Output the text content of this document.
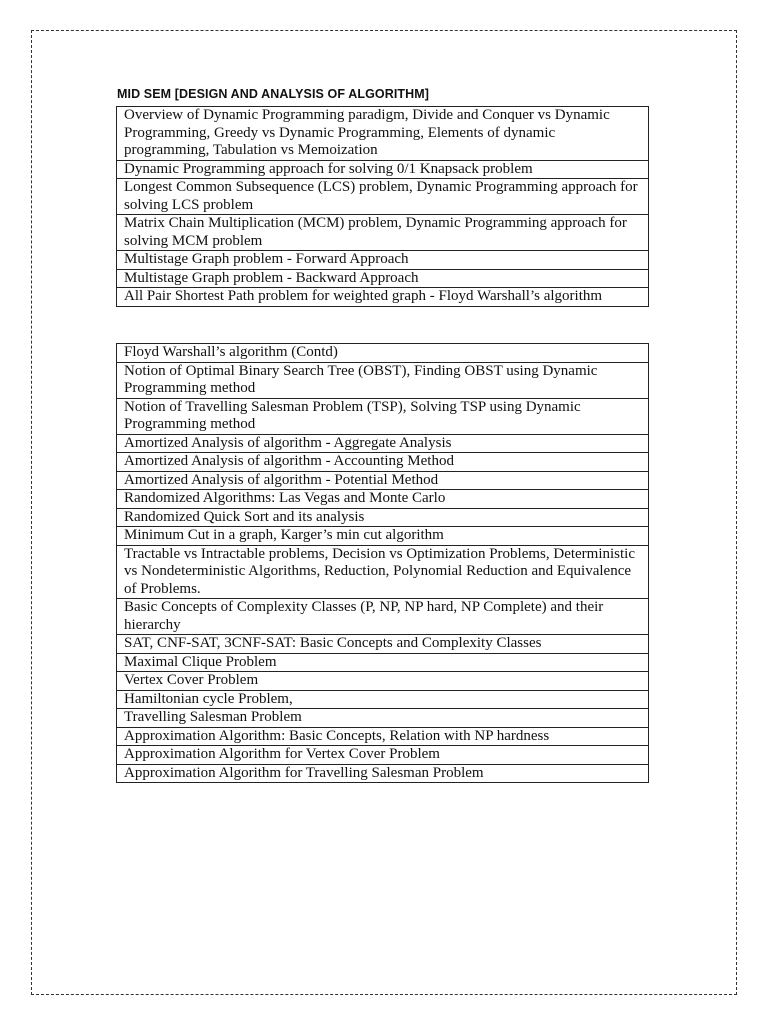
MID SEM [DESIGN AND ANALYSIS OF ALGORITHM]
Overview of Dynamic Programming paradigm, Divide and Conquer vs Dynamic Programming, Greedy vs Dynamic Programming, Elements of dynamic programming, Tabulation vs Memoization
Dynamic Programming approach for solving 0/1 Knapsack problem
Longest Common Subsequence (LCS) problem, Dynamic Programming approach for solving LCS problem
Matrix Chain Multiplication (MCM) problem, Dynamic Programming approach for solving MCM problem
Multistage Graph problem - Forward Approach
Multistage Graph problem - Backward Approach
All Pair Shortest Path problem for weighted graph - Floyd Warshall’s algorithm
Floyd Warshall’s algorithm (Contd)
Notion of Optimal Binary Search Tree (OBST), Finding OBST using Dynamic Programming method
Notion of Travelling Salesman Problem (TSP), Solving TSP using Dynamic Programming method
Amortized Analysis of algorithm - Aggregate Analysis
Amortized Analysis of algorithm - Accounting Method
Amortized Analysis of algorithm - Potential Method
Randomized Algorithms: Las Vegas and Monte Carlo
Randomized Quick Sort and its analysis
Minimum Cut in a graph, Karger’s min cut algorithm
Tractable vs Intractable problems, Decision vs Optimization Problems, Deterministic vs Nondeterministic Algorithms, Reduction, Polynomial Reduction and Equivalence of Problems.
Basic Concepts of Complexity Classes (P, NP, NP hard, NP Complete) and their hierarchy
SAT, CNF-SAT, 3CNF-SAT: Basic Concepts and Complexity Classes
Maximal Clique Problem
Vertex Cover Problem
Hamiltonian cycle Problem,
Travelling Salesman Problem
Approximation Algorithm: Basic Concepts, Relation with NP hardness
Approximation Algorithm for Vertex Cover Problem
Approximation Algorithm for Travelling Salesman Problem
